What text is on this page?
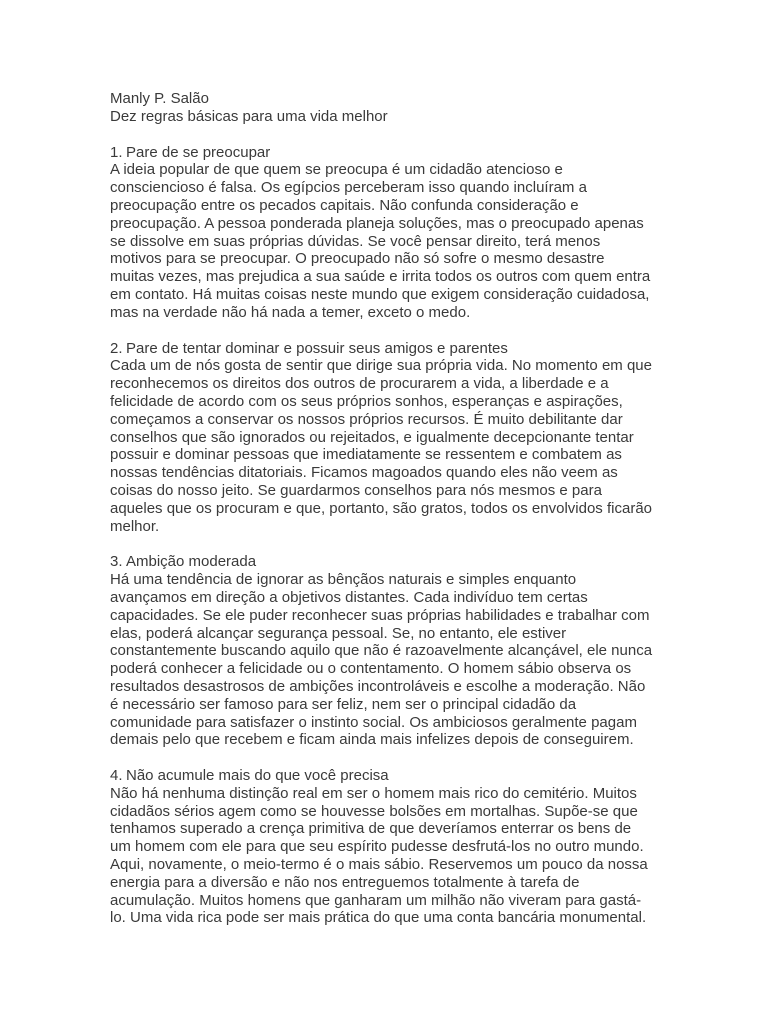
Manly P. Salão

Dez regras básicas para uma vida melhor

1. Pare de se preocupar

A ideia popular de que quem se preocupa é um cidadão atencioso e
consciencioso é falsa. Os egípcios perceberam isso quando incluíram a
preocupação entre os pecados capitais. Não confunda consideração e
preocupação. A pessoa ponderada planeja soluções, mas o preocupado apenas
se dissolve em suas próprias dúvidas. Se você pensar direito, terá menos
motivos para se preocupar. O preocupado não só sofre o mesmo desastre
muitas vezes, mas prejudica a sua saúde e irrita todos os outros com quem entra
em contato. Há muitas coisas neste mundo que exigem consideração cuidadosa,
mas na verdade não há nada a temer, exceto o medo.

2. Pare de tentar dominar e possuir seus amigos e parentes

Cada um de nós gosta de sentir que dirige sua própria vida. No momento em que
reconhecemos os direitos dos outros de procurarem a vida, a liberdade e a
felicidade de acordo com os seus próprios sonhos, esperanças e aspirações,
começamos a conservar os nossos próprios recursos. É muito debilitante dar
conselhos que são ignorados ou rejeitados, e igualmente decepcionante tentar
possuir e dominar pessoas que imediatamente se ressentem e combatem as
nossas tendências ditatoriais. Ficamos magoados quando eles não veem as
coisas do nosso jeito. Se guardarmos conselhos para nós mesmos e para
aqueles que os procuram e que, portanto, são gratos, todos os envolvidos ficarão
melhor.

3. Ambição moderada

Há uma tendência de ignorar as bênçãos naturais e simples enquanto
avançamos em direção a objetivos distantes. Cada indivíduo tem certas
capacidades. Se ele puder reconhecer suas próprias habilidades e trabalhar com
elas, poderá alcançar segurança pessoal. Se, no entanto, ele estiver
constantemente buscando aquilo que não é razoavelmente alcançável, ele nunca
poderá conhecer a felicidade ou o contentamento. O homem sábio observa os
resultados desastrosos de ambições incontroláveis e escolhe a moderação. Não
é necessário ser famoso para ser feliz, nem ser o principal cidadão da
comunidade para satisfazer o instinto social. Os ambiciosos geralmente pagam
demais pelo que recebem e ficam ainda mais infelizes depois de conseguirem.

4. Não acumule mais do que você precisa

Não há nenhuma distinção real em ser o homem mais rico do cemitério. Muitos
cidadãos sérios agem como se houvesse bolsões em mortalhas. Supõe-se que
tenhamos superado a crença primitiva de que deveríamos enterrar os bens de
um homem com ele para que seu espírito pudesse desfrutá-los no outro mundo.
Aqui, novamente, o meio-termo é o mais sábio. Reservemos um pouco da nossa
energia para a diversão e não nos entreguemos totalmente à tarefa de
acumulação. Muitos homens que ganharam um milhão não viveram para gastá-
lo. Uma vida rica pode ser mais prática do que uma conta bancária monumental.
